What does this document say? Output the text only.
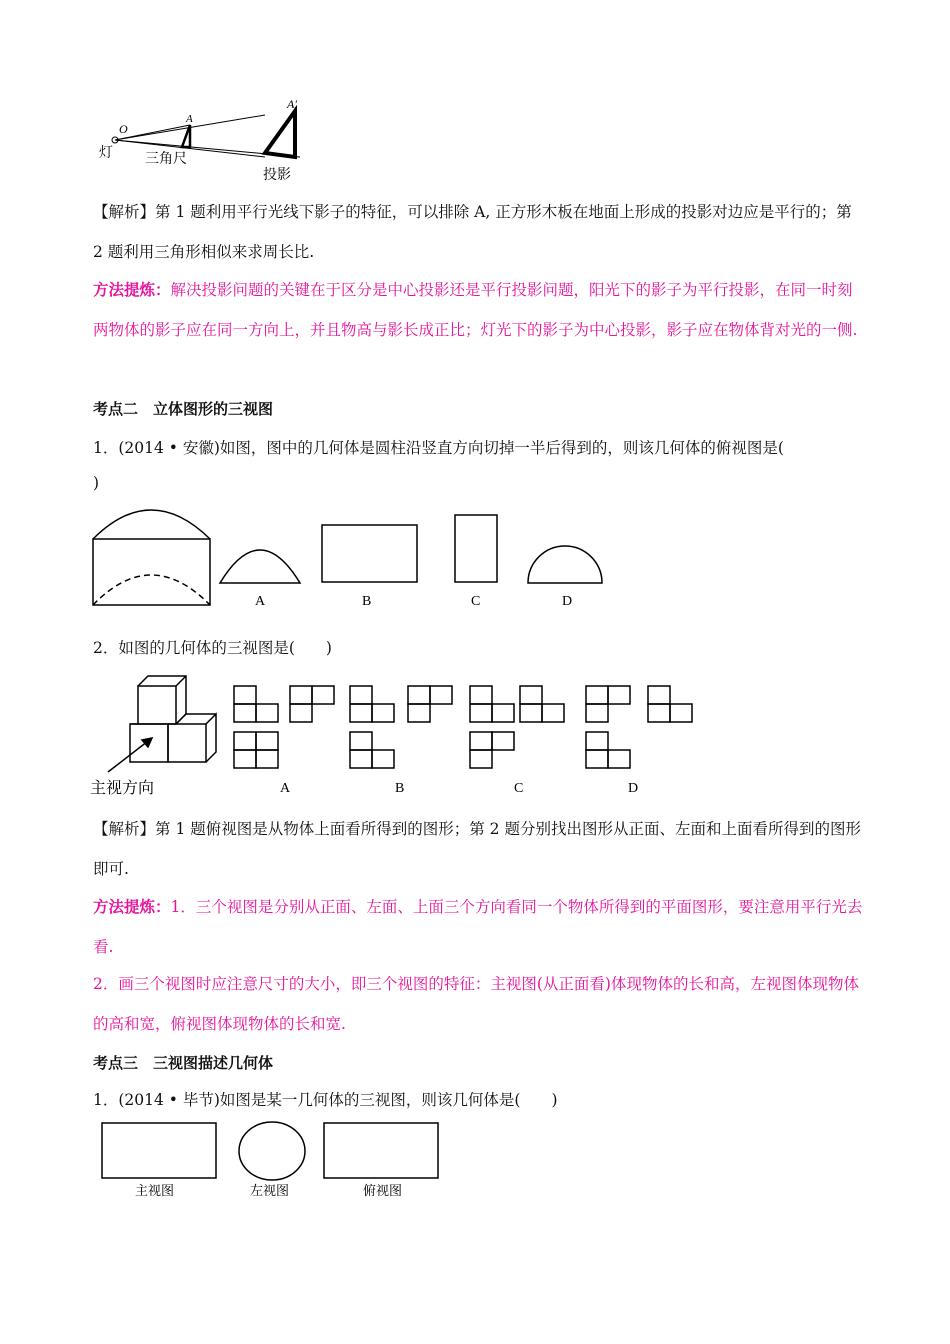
O
A
A′
灯 三角尺
投影
【解析】第 1 题利用平行光线下影子的特征，可以排除 A, 正方形木板在地面上形成的投影对边应是平行的；第 2 题利用三角形相似来求周长比.
方法提炼：解决投影问题的关键在于区分是中心投影还是平行投影问题，阳光下的影子为平行投影，在同一时刻两物体的影子应在同一方向上，并且物高与影长成正比；灯光下的影子为中心投影，影子应在物体背对光的一侧.
考点二　立体图形的三视图
1．(2014 • 安徽)如图，图中的几何体是圆柱沿竖直方向切掉一半后得到的，则该几何体的俯视图是(
)
A	B	C	D
2．如图的几何体的三视图是(　　)
主视方向	A	B	C	D
【解析】第 1 题俯视图是从物体上面看所得到的图形；第 2 题分别找出图形从正面、左面和上面看所得到的图形即可.
方法提炼：1．三个视图是分别从正面、左面、上面三个方向看同一个物体所得到的平面图形，要注意用平行光去看.
2．画三个视图时应注意尺寸的大小，即三个视图的特征：主视图(从正面看)体现物体的长和高，左视图体现物体的高和宽，俯视图体现物体的长和宽.
考点三　三视图描述几何体
1．(2014 • 毕节)如图是某一几何体的三视图，则该几何体是(　　)
主视图	左视图	俯视图
